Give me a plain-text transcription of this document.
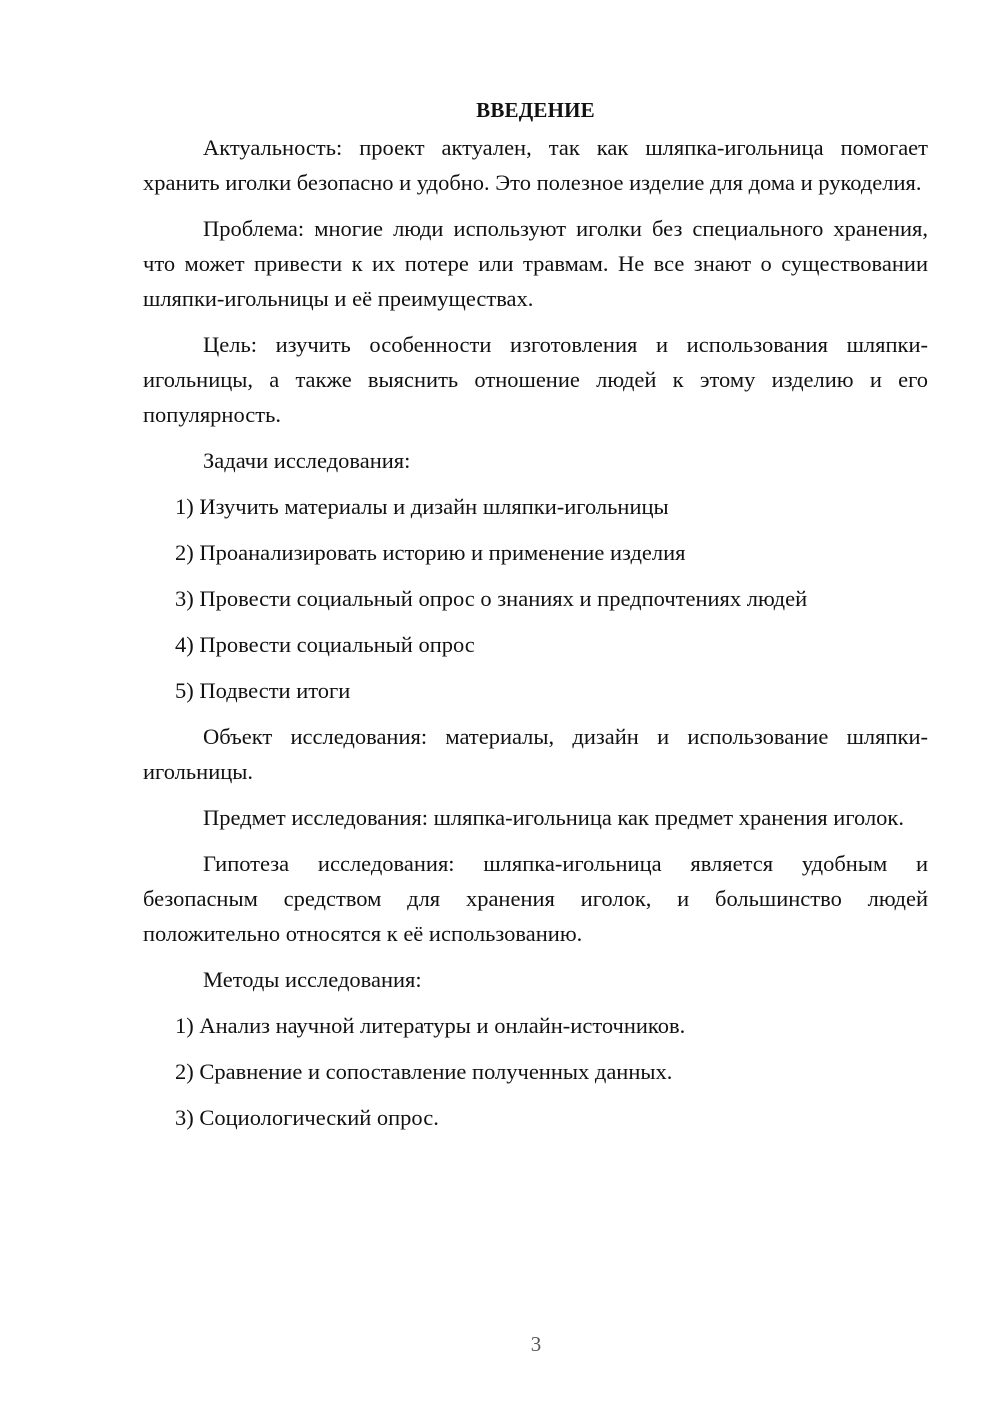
ВВЕДЕНИЕ

Актуальность: проект актуален, так как шляпка-игольница помогает хранить иголки безопасно и удобно. Это полезное изделие для дома и рукоделия.

Проблема: многие люди используют иголки без специального хранения, что может привести к их потере или травмам. Не все знают о существовании шляпки-игольницы и её преимуществах.

Цель: изучить особенности изготовления и использования шляпки-игольницы, а также выяснить отношение людей к этому изделию и его популярность.

Задачи исследования:

1) Изучить материалы и дизайн шляпки-игольницы
2) Проанализировать историю и применение изделия
3) Провести социальный опрос о знаниях и предпочтениях людей
4) Провести социальный опрос
5) Подвести итоги

Объект исследования: материалы, дизайн и использование шляпки-игольницы.

Предмет исследования: шляпка-игольница как предмет хранения иголок.

Гипотеза исследования: шляпка-игольница является удобным и безопасным средством для хранения иголок, и большинство людей положительно относятся к её использованию.

Методы исследования:

1) Анализ научной литературы и онлайн-источников.
2) Сравнение и сопоставление полученных данных.
3) Социологический опрос.
3
